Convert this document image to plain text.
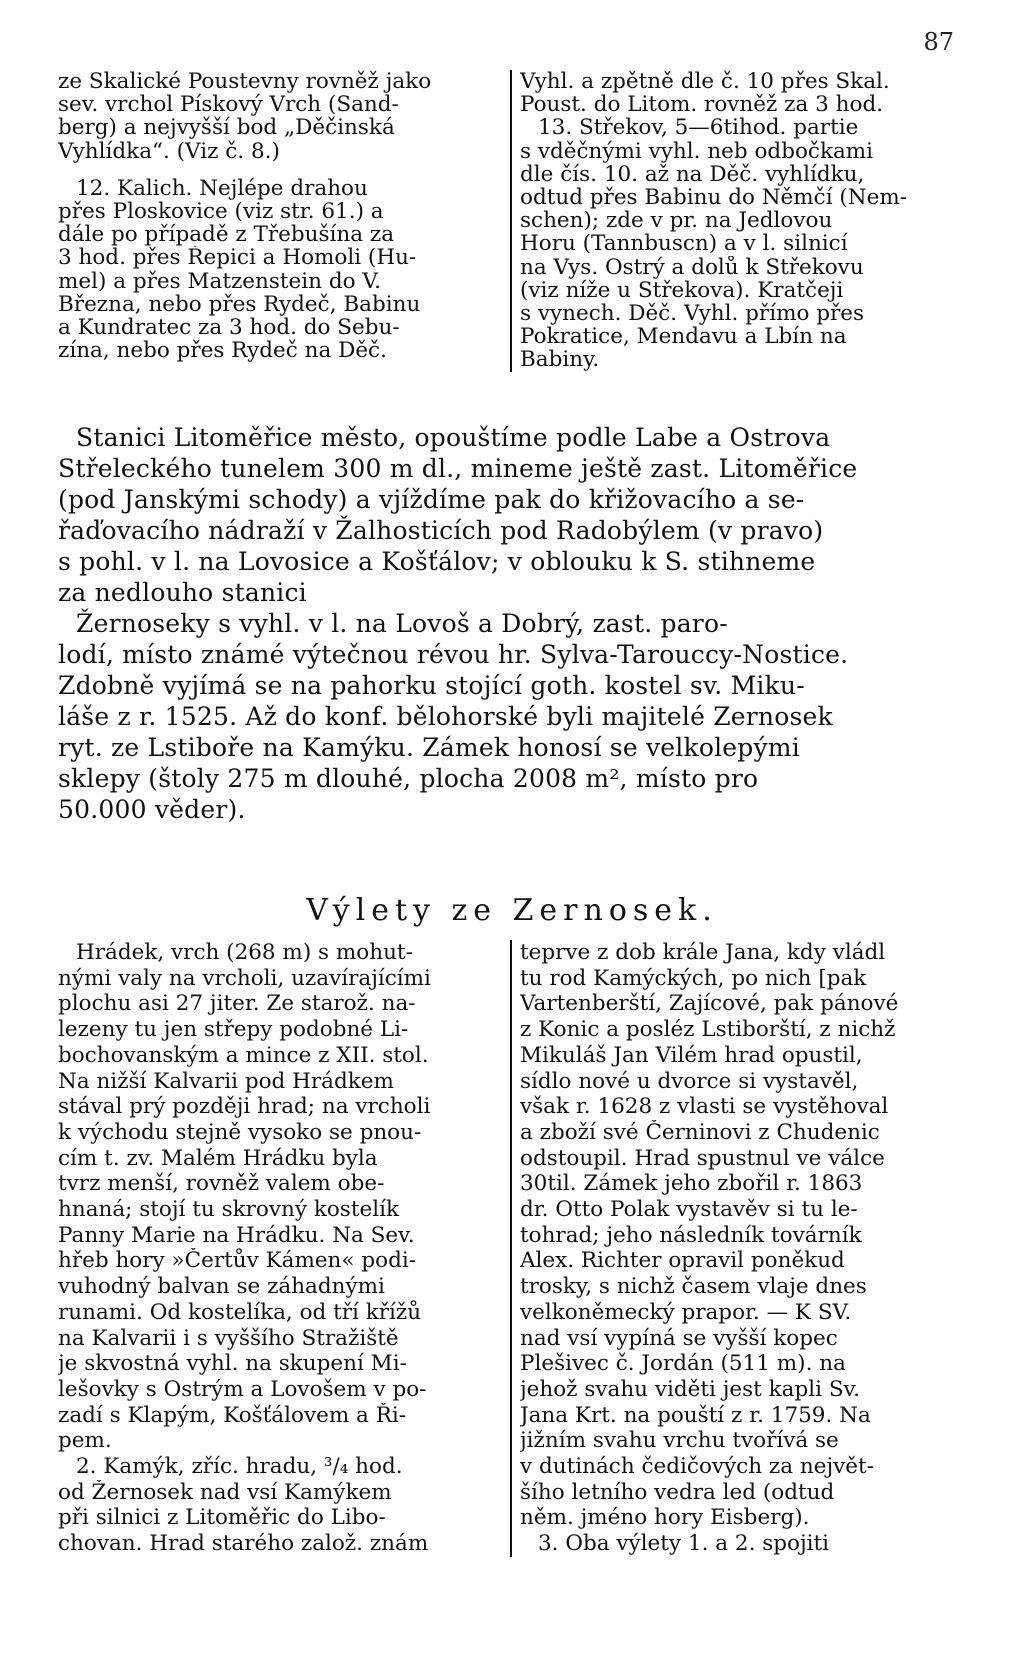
87
ze Skalické Poustevny rovněž jako
sev. vrchol Pískový Vrch (Sand-
berg) a nejvyšší bod „Děčinská
Vyhlídka“. (Viz č. 8.)
12. Kalich. Nejlépe drahou
přes Ploskovice (viz str. 61.) a
dále po případě z Třebušína za
3 hod. přes Řepici a Homoli (Hu-
mel) a přes Matzenstein do V.
Března, nebo přes Rydeč, Babinu
a Kundratec za 3 hod. do Sebu-
zína, nebo přes Rydeč na Děč.
Vyhl. a zpětně dle č. 10 přes Skal.
Poust. do Litom. rovněž za 3 hod.
13. Střekov, 5—6tihod. partie
s vděčnými vyhl. neb odbočkami
dle čís. 10. až na Děč. vyhlídku,
odtud přes Babinu do Němčí (Nem-
schen); zde v pr. na Jedlovou
Horu (Tannbuscn) a v l. silnicí
na Vys. Ostrý a dolů k Střekovu
(viz níže u Střekova). Kratčeji
s vynech. Děč. Vyhl. přímo přes
Pokratice, Mendavu a Lbín na
Babiny.
Stanici Litoměřice město, opouštíme podle Labe a Ostrova
Střeleckého tunelem 300 m dl., mineme ještě zast. Litoměřice
(pod Janskými schody) a vjíždíme pak do křižovacího a se-
řaďovacího nádraží v Žalhosticích pod Radobýlem (v pravo)
s pohl. v l. na Lovosice a Košťálov; v oblouku k S. stihneme
za nedlouho stanici
Žernoseky s vyhl. v l. na Lovoš a Dobrý, zast. paro-
lodí, místo známé výtečnou révou hr. Sylva-Tarouccy-Nostice.
Zdobně vyjímá se na pahorku stojící goth. kostel sv. Miku-
láše z r. 1525. Až do konf. bělohorské byli majitelé Zernosek
ryt. ze Lstiboře na Kamýku. Zámek honosí se velkolepými
sklepy (štoly 275 m dlouhé, plocha 2008 m², místo pro
50.000 věder).
Výlety ze Zernosek.
Hrádek, vrch (268 m) s mohut-
nými valy na vrcholi, uzavírajícími
plochu asi 27 jiter. Ze starož. na-
lezeny tu jen střepy podobné Li-
bochovanským a mince z XII. stol.
Na nižší Kalvarii pod Hrádkem
stával prý později hrad; na vrcholi
k východu stejně vysoko se pnou-
cím t. zv. Malém Hrádku byla
tvrz menší, rovněž valem obe-
hnaná; stojí tu skrovný kostelík
Panny Marie na Hrádku. Na Sev.
hřeb hory »Čertův Kámen« podi-
vuhodný balvan se záhadnými
runami. Od kostelíka, od tří křížů
na Kalvarii i s vyššího Stražiště
je skvostná vyhl. na skupení Mi-
lešovky s Ostrým a Lovošem v po-
zadí s Klapým, Košťálovem a Ři-
pem.
2. Kamýk, zříc. hradu, ³/₄ hod.
od Žernosek nad vsí Kamýkem
při silnici z Litoměřic do Libo-
chovan. Hrad starého založ. znám
teprve z dob krále Jana, kdy vládl
tu rod Kamýckých, po nich [pak
Vartenberští, Zajícové, pak pánové
z Konic a posléz Lstiborští, z nichž
Mikuláš Jan Vilém hrad opustil,
sídlo nové u dvorce si vystavěl,
však r. 1628 z vlasti se vystěhoval
a zboží své Černinovi z Chudenic
odstoupil. Hrad spustnul ve válce
30til. Zámek jeho zbořil r. 1863
dr. Otto Polak vystavěv si tu le-
tohrad; jeho následník továrník
Alex. Richter opravil poněkud
trosky, s nichž časem vlaje dnes
velkoněmecký prapor. — K SV.
nad vsí vypíná se vyšší kopec
Plešivec č. Jordán (511 m). na
jehož svahu viděti jest kapli Sv.
Jana Krt. na pouští z r. 1759. Na
jižním svahu vrchu tvořívá se
v dutinách čedičových za největ-
šího letního vedra led (odtud
něm. jméno hory Eisberg).
3. Oba výlety 1. a 2. spojiti
